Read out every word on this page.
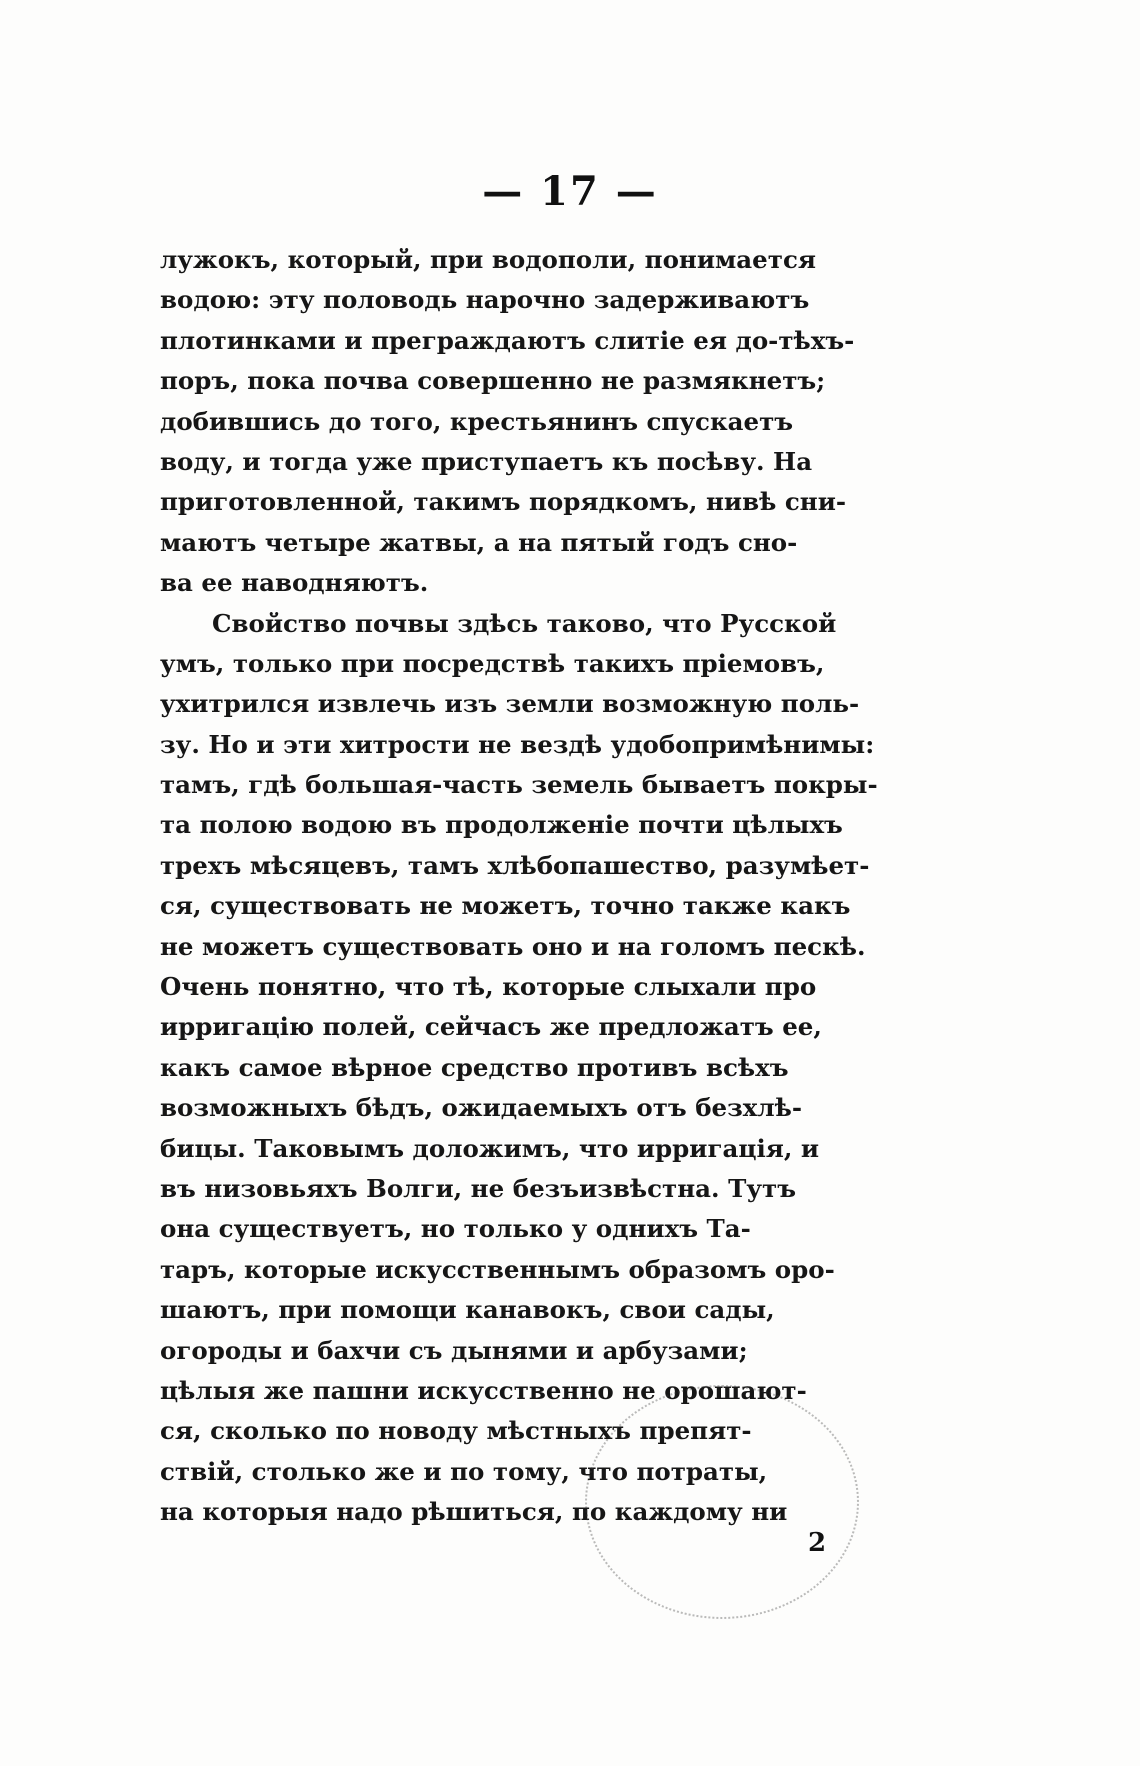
— 17 —
лужокъ, который, при водополи, понимается
водою: эту половодь нарочно задерживаютъ
плотинками и преграждаютъ слитіе ея до-тѣхъ-
поръ, пока почва совершенно не размякнетъ;
добившись до того, крестьянинъ спускаетъ
воду, и тогда уже приступаетъ къ посѣву. На
приготовленной, такимъ порядкомъ, нивѣ сни-
маютъ четыре жатвы, а на пятый годъ сно-
ва ее наводняютъ.
Свойство почвы здѣсь таково, что Русской
умъ, только при посредствѣ такихъ пріемовъ,
ухитрился извлечь изъ земли возможную поль-
зу. Но и эти хитрости не вездѣ удобопримѣнимы:
тамъ, гдѣ большая-часть земель бываетъ покры-
та полою водою въ продолженіе почти цѣлыхъ
трехъ мѣсяцевъ, тамъ хлѣбопашество, разумѣет-
ся, существовать не можетъ, точно также какъ
не можетъ существовать оно и на голомъ пескѣ.
Очень понятно, что тѣ, которые слыхали про
ирригацію полей, сейчасъ же предложатъ ее,
какъ самое вѣрное средство противъ всѣхъ
возможныхъ бѣдъ, ожидаемыхъ отъ безхлѣ-
бицы. Таковымъ доложимъ, что ирригація, и
въ низовьяхъ Волги, не безъизвѣстна. Тутъ
она существуетъ, но только у однихъ Та-
таръ, которые искусственнымъ образомъ оро-
шаютъ, при помощи канавокъ, свои сады,
огороды и бахчи съ дынями и арбузами;
цѣлыя же пашни искусственно не орошают-
ся, сколько по новоду мѣстныхъ препят-
ствій, столько же и по тому, что потраты,
на которыя надо рѣшиться, по каждому ни
2
